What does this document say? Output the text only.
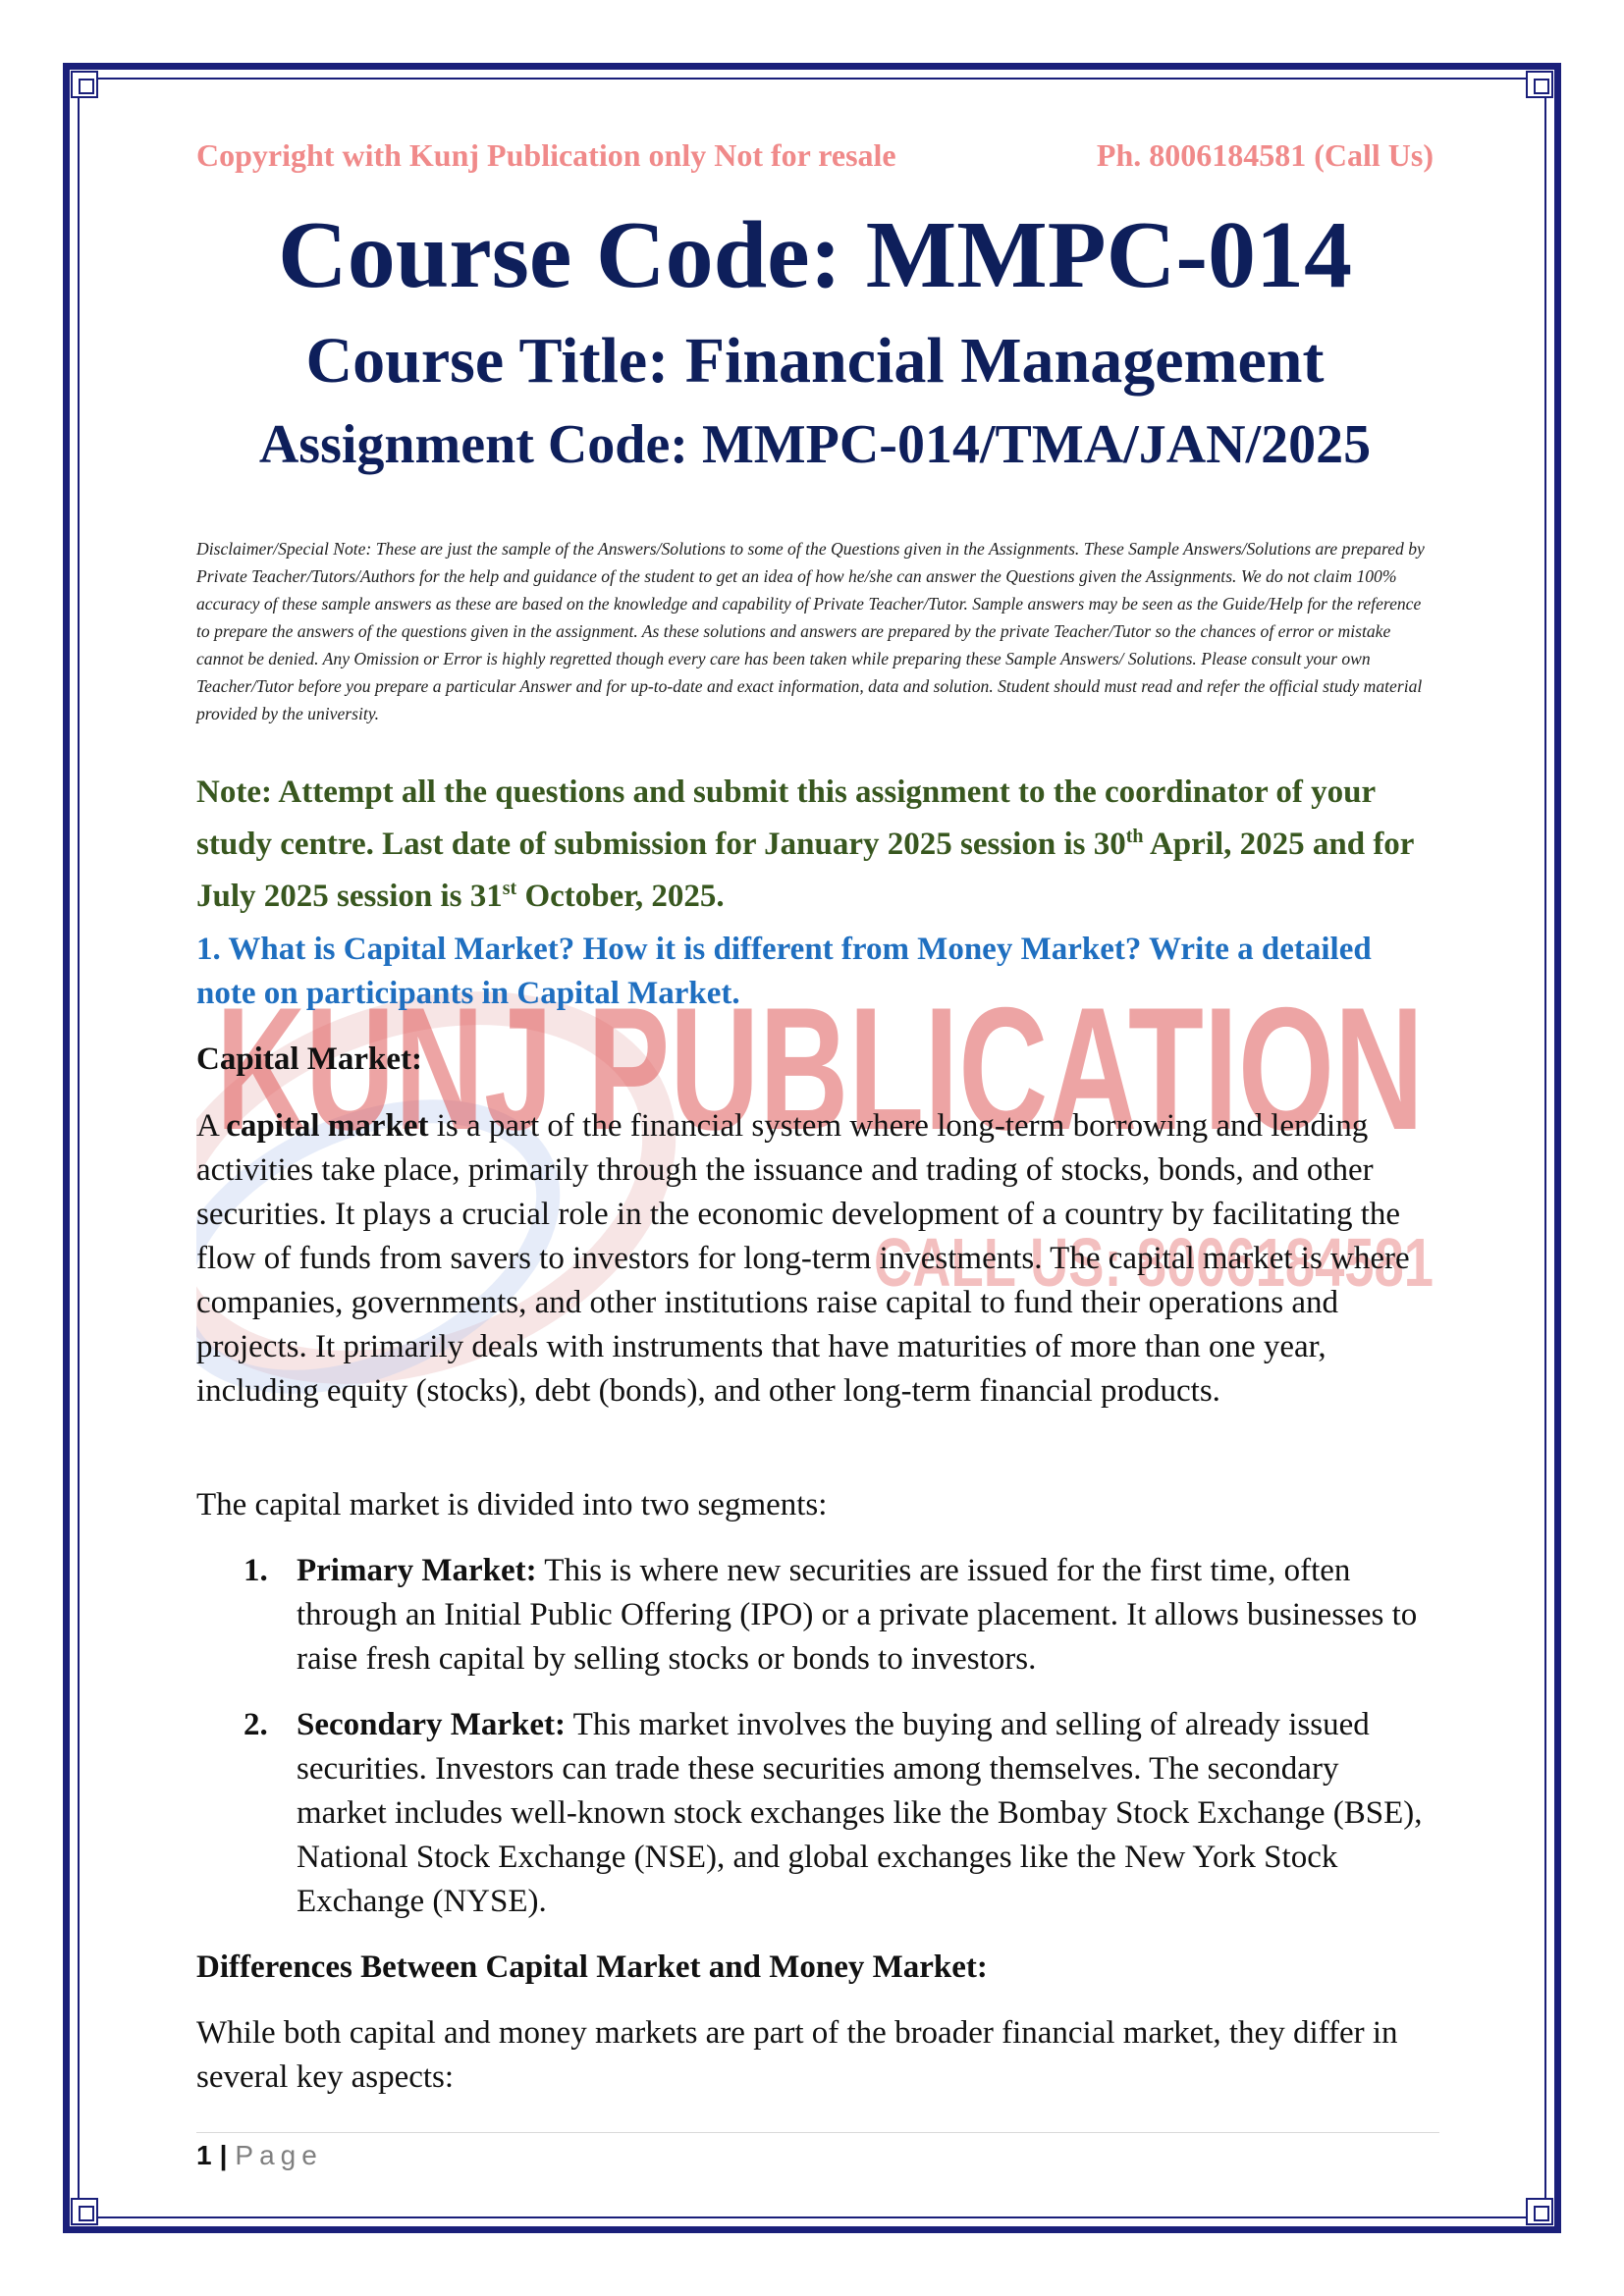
KUNJ PUBLICATION
CALL US: 8006184581
Copyright with Kunj Publication only Not for resale	Ph. 8006184581 (Call Us)
Course Code: MMPC-014
Course Title: Financial Management
Assignment Code: MMPC-014/TMA/JAN/2025
Disclaimer/Special Note: These are just the sample of the Answers/Solutions to some of the Questions given in the Assignments. These Sample Answers/Solutions are prepared by Private Teacher/Tutors/Authors for the help and guidance of the student to get an idea of how he/she can answer the Questions given the Assignments. We do not claim 100% accuracy of these sample answers as these are based on the knowledge and capability of Private Teacher/Tutor. Sample answers may be seen as the Guide/Help for the reference to prepare the answers of the questions given in the assignment. As these solutions and answers are prepared by the private Teacher/Tutor so the chances of error or mistake cannot be denied. Any Omission or Error is highly regretted though every care has been taken while preparing these Sample Answers/ Solutions. Please consult your own Teacher/Tutor before you prepare a particular Answer and for up-to-date and exact information, data and solution. Student should must read and refer the official study material provided by the university.
Note: Attempt all the questions and submit this assignment to the coordinator of your study centre. Last date of submission for January 2025 session is 30th April, 2025 and for July 2025 session is 31st October, 2025.
1. What is Capital Market? How it is different from Money Market? Write a detailed note on participants in Capital Market.
Capital Market:
A capital market is a part of the financial system where long-term borrowing and lending activities take place, primarily through the issuance and trading of stocks, bonds, and other securities. It plays a crucial role in the economic development of a country by facilitating the flow of funds from savers to investors for long-term investments. The capital market is where companies, governments, and other institutions raise capital to fund their operations and projects. It primarily deals with instruments that have maturities of more than one year, including equity (stocks), debt (bonds), and other long-term financial products.
The capital market is divided into two segments:
1. Primary Market: This is where new securities are issued for the first time, often through an Initial Public Offering (IPO) or a private placement. It allows businesses to raise fresh capital by selling stocks or bonds to investors.
2. Secondary Market: This market involves the buying and selling of already issued securities. Investors can trade these securities among themselves. The secondary market includes well-known stock exchanges like the Bombay Stock Exchange (BSE), National Stock Exchange (NSE), and global exchanges like the New York Stock Exchange (NYSE).
Differences Between Capital Market and Money Market:
While both capital and money markets are part of the broader financial market, they differ in several key aspects:
1 | Page
